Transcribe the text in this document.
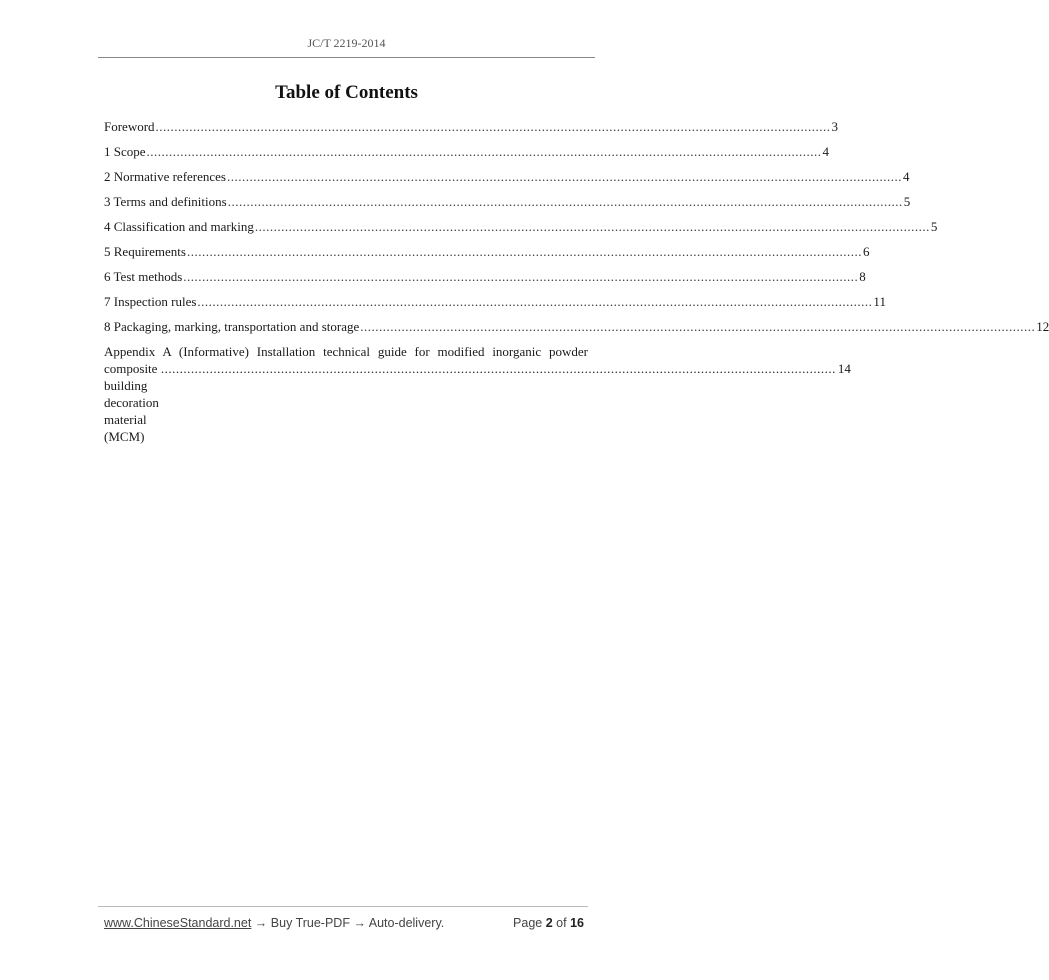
JC/T 2219-2014
Table of Contents
Foreword .................................................................................................................................................................................... 3
1 Scope .................................................................................................................................................................................... 4
2 Normative references .................................................................................................................................................................................... 4
3 Terms and definitions .................................................................................................................................................................................... 5
4 Classification and marking .................................................................................................................................................................................... 5
5 Requirements .................................................................................................................................................................................... 6
6 Test methods .................................................................................................................................................................................... 8
7 Inspection rules .................................................................................................................................................................................... 11
8 Packaging, marking, transportation and storage .................................................................................................................................................................................... 12
Appendix A (Informative) Installation technical guide for modified inorganic powder
composite building decoration material (MCM)
.................................................................................................................................................................................... 14
www.ChineseStandard.net → Buy True-PDF → Auto-delivery.	Page 2 of 16
